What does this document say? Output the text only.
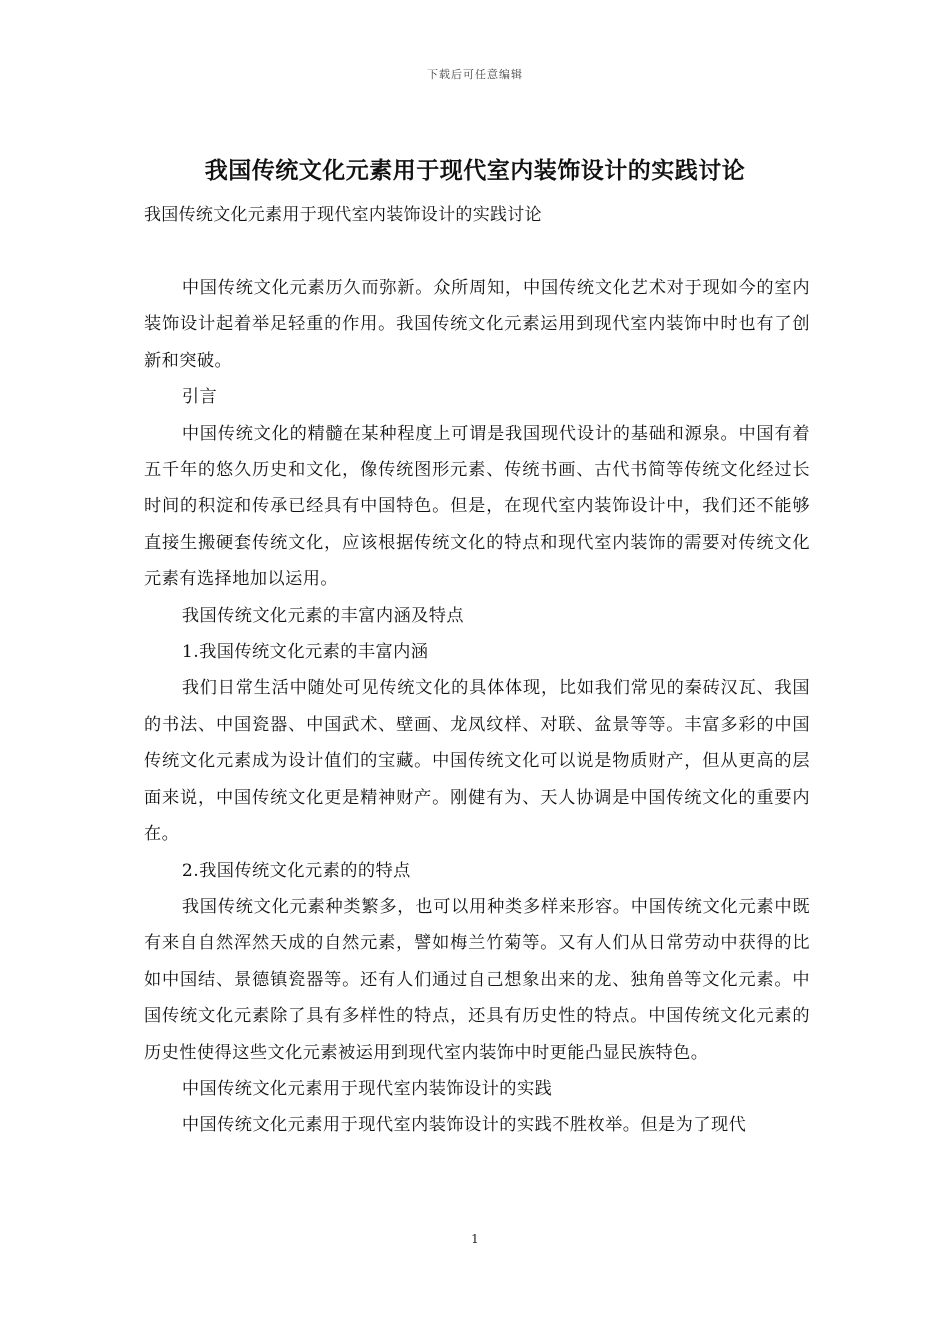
下载后可任意编辑
我国传统文化元素用于现代室内装饰设计的实践讨论
我国传统文化元素用于现代室内装饰设计的实践讨论

中国传统文化元素历久而弥新。众所周知，中国传统文化艺术对于现如今的室内装饰设计起着举足轻重的作用。我国传统文化元素运用到现代室内装饰中时也有了创新和突破。

引言

中国传统文化的精髓在某种程度上可谓是我国现代设计的基础和源泉。中国有着五千年的悠久历史和文化，像传统图形元素、传统书画、古代书简等传统文化经过长时间的积淀和传承已经具有中国特色。但是，在现代室内装饰设计中，我们还不能够直接生搬硬套传统文化，应该根据传统文化的特点和现代室内装饰的需要对传统文化元素有选择地加以运用。

我国传统文化元素的丰富内涵及特点

1.我国传统文化元素的丰富内涵

我们日常生活中随处可见传统文化的具体体现，比如我们常见的秦砖汉瓦、我国的书法、中国瓷器、中国武术、壁画、龙凤纹样、对联、盆景等等。丰富多彩的中国传统文化元素成为设计值们的宝藏。中国传统文化可以说是物质财产，但从更高的层面来说，中国传统文化更是精神财产。刚健有为、天人协调是中国传统文化的重要内在。

2.我国传统文化元素的的特点

我国传统文化元素种类繁多，也可以用种类多样来形容。中国传统文化元素中既有来自自然浑然天成的自然元素，譬如梅兰竹菊等。又有人们从日常劳动中获得的比如中国结、景德镇瓷器等。还有人们通过自己想象出来的龙、独角兽等文化元素。中国传统文化元素除了具有多样性的特点，还具有历史性的特点。中国传统文化元素的历史性使得这些文化元素被运用到现代室内装饰中时更能凸显民族特色。

中国传统文化元素用于现代室内装饰设计的实践

中国传统文化元素用于现代室内装饰设计的实践不胜枚举。但是为了现代

1
